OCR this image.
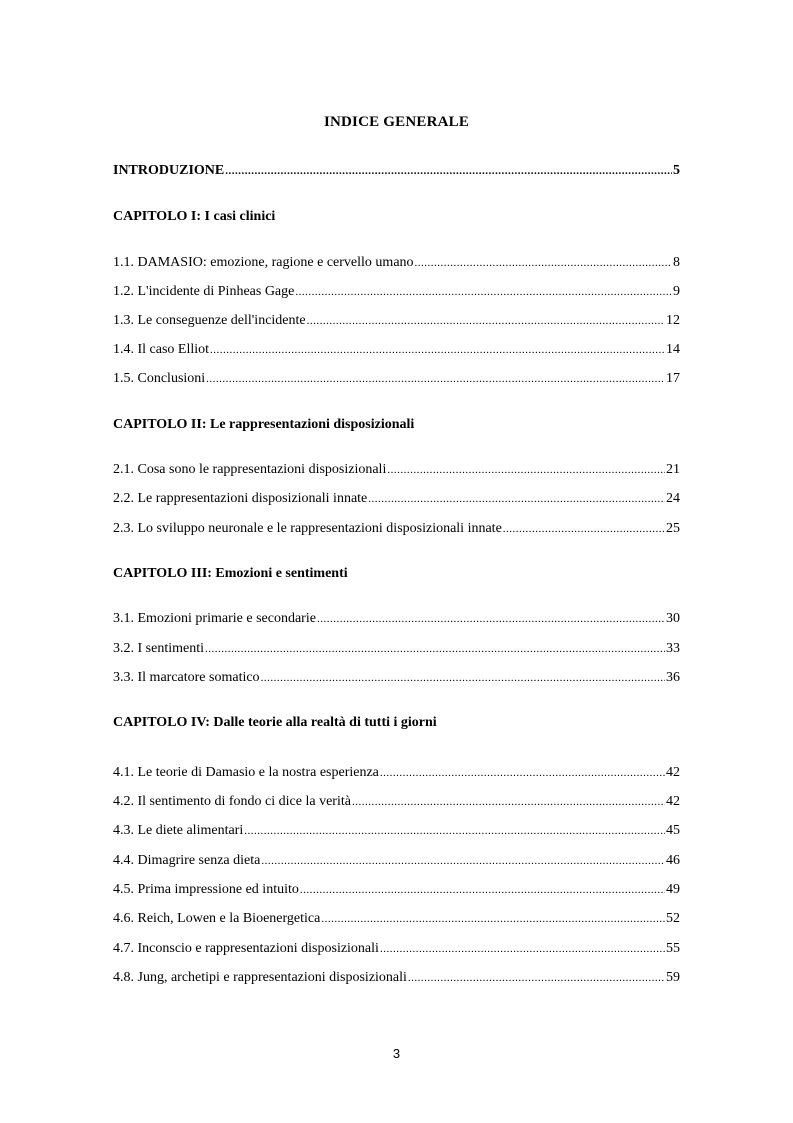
INDICE GENERALE
INTRODUZIONE .....	5
CAPITOLO I: I casi clinici
1.1. DAMASIO: emozione, ragione e cervello umano .....	8
1.2. L'incidente di Pinheas Gage .....	9
1.3. Le conseguenze dell'incidente .....	12
1.4. Il caso Elliot .....	14
1.5. Conclusioni .....	17
CAPITOLO II: Le rappresentazioni disposizionali
2.1. Cosa sono le rappresentazioni disposizionali .....	21
2.2. Le rappresentazioni disposizionali innate .....	24
2.3. Lo sviluppo neuronale e le rappresentazioni disposizionali innate .....	25
CAPITOLO III: Emozioni e sentimenti
3.1. Emozioni primarie e secondarie .....	30
3.2. I sentimenti .....	33
3.3. Il marcatore somatico .....	36
CAPITOLO IV: Dalle teorie alla realtà di tutti i giorni
4.1. Le teorie di Damasio e la nostra esperienza .....	42
4.2. Il sentimento di fondo ci dice la verità .....	42
4.3. Le diete alimentari .....	45
4.4. Dimagrire senza dieta .....	46
4.5. Prima impressione ed intuito .....	49
4.6. Reich, Lowen e la Bioenergetica .....	52
4.7. Inconscio e rappresentazioni disposizionali .....	55
4.8. Jung, archetipi e rappresentazioni disposizionali .....	59
3
